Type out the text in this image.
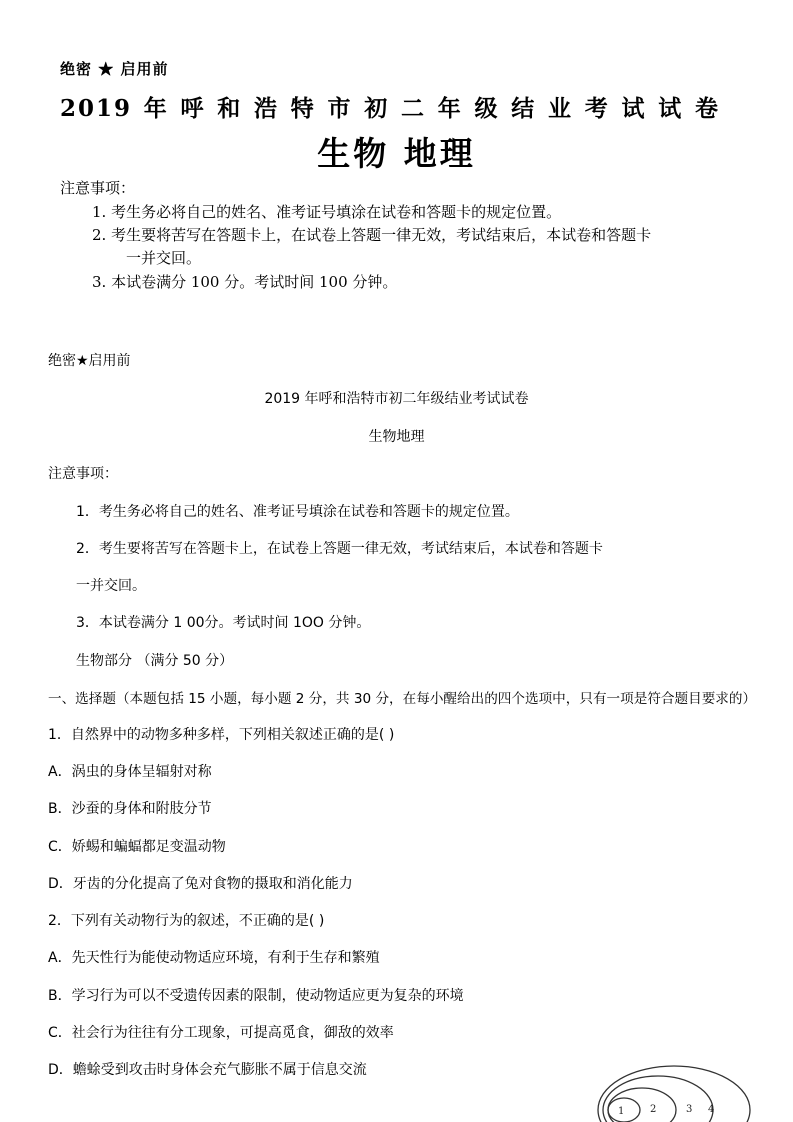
绝密 ★ 启用前
2019年呼和浩特市初二年级结业考试试卷
生物 地理
注意事项：
1. 考生务必将自己的姓名、准考证号填涂在试卷和答题卡的规定位置。
2. 考生要将苦写在答题卡上，在试卷上答题一律无效，考试结束后，本试卷和答题卡
一并交回。
3. 本试卷满分 100 分。考试时间 100 分钟。
绝密★启用前
2019 年呼和浩特市初二年级结业考试试卷
生物地理
注意事项：
1．考生务必将自己的姓名、准考证号填涂在试卷和答题卡的规定位置。
2．考生要将苦写在答题卡上，在试卷上答题一律无效，考试结束后，本试卷和答题卡
一并交回。
3．本试卷满分 1 00分。考试时间 1OO 分钟。
生物部分 （满分 50 分）
一、选择题（本题包括 15 小题，每小题 2 分，共 30 分，在每小醒给出的四个选项中，只有一项是符合题目要求的）
1．自然界中的动物多种多样，下列相关叙述正确的是( )
A．涡虫的身体呈辐射对称
B．沙蚕的身体和附肢分节
C．娇蜴和蝙蝠都足变温动物
D．牙齿的分化提高了兔对食物的摄取和消化能力
2．下列有关动物行为的叙述，不正确的是( )
A．先天性行为能使动物适应环境，有利于生存和繁殖
B．学习行为可以不受遗传因素的限制，使动物适应更为复杂的环境
C．社会行为往往有分工现象，可提高觅食，御敌的效率
D．蟾蜍受到攻击时身体会充气膨胀不属于信息交流
1	2	3 4
